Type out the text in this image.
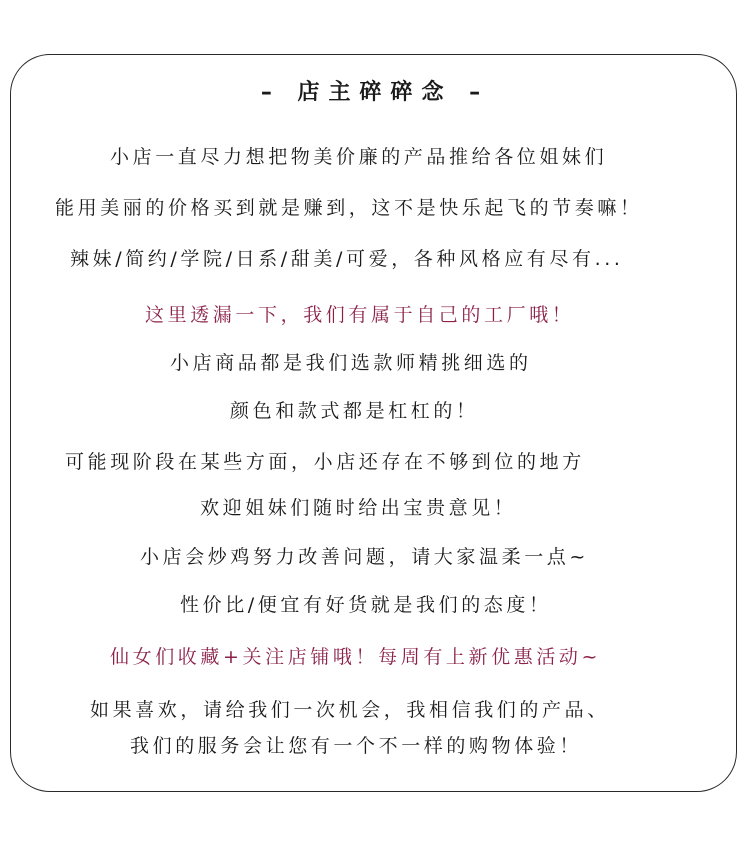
– 店主碎碎念 –
小店一直尽力想把物美价廉的产品推给各位姐妹们
能用美丽的价格买到就是赚到，这不是快乐起飞的节奏嘛！
辣妹/简约/学院/日系/甜美/可爱，各种风格应有尽有...
这里透漏一下，我们有属于自己的工厂哦！
小店商品都是我们选款师精挑细选的
颜色和款式都是杠杠的！
可能现阶段在某些方面，小店还存在不够到位的地方
欢迎姐妹们随时给出宝贵意见！
小店会炒鸡努力改善问题，请大家温柔一点~
性价比/便宜有好货就是我们的态度！
仙女们收藏+关注店铺哦！每周有上新优惠活动~
如果喜欢，请给我们一次机会，我相信我们的产品、
我们的服务会让您有一个不一样的购物体验！
